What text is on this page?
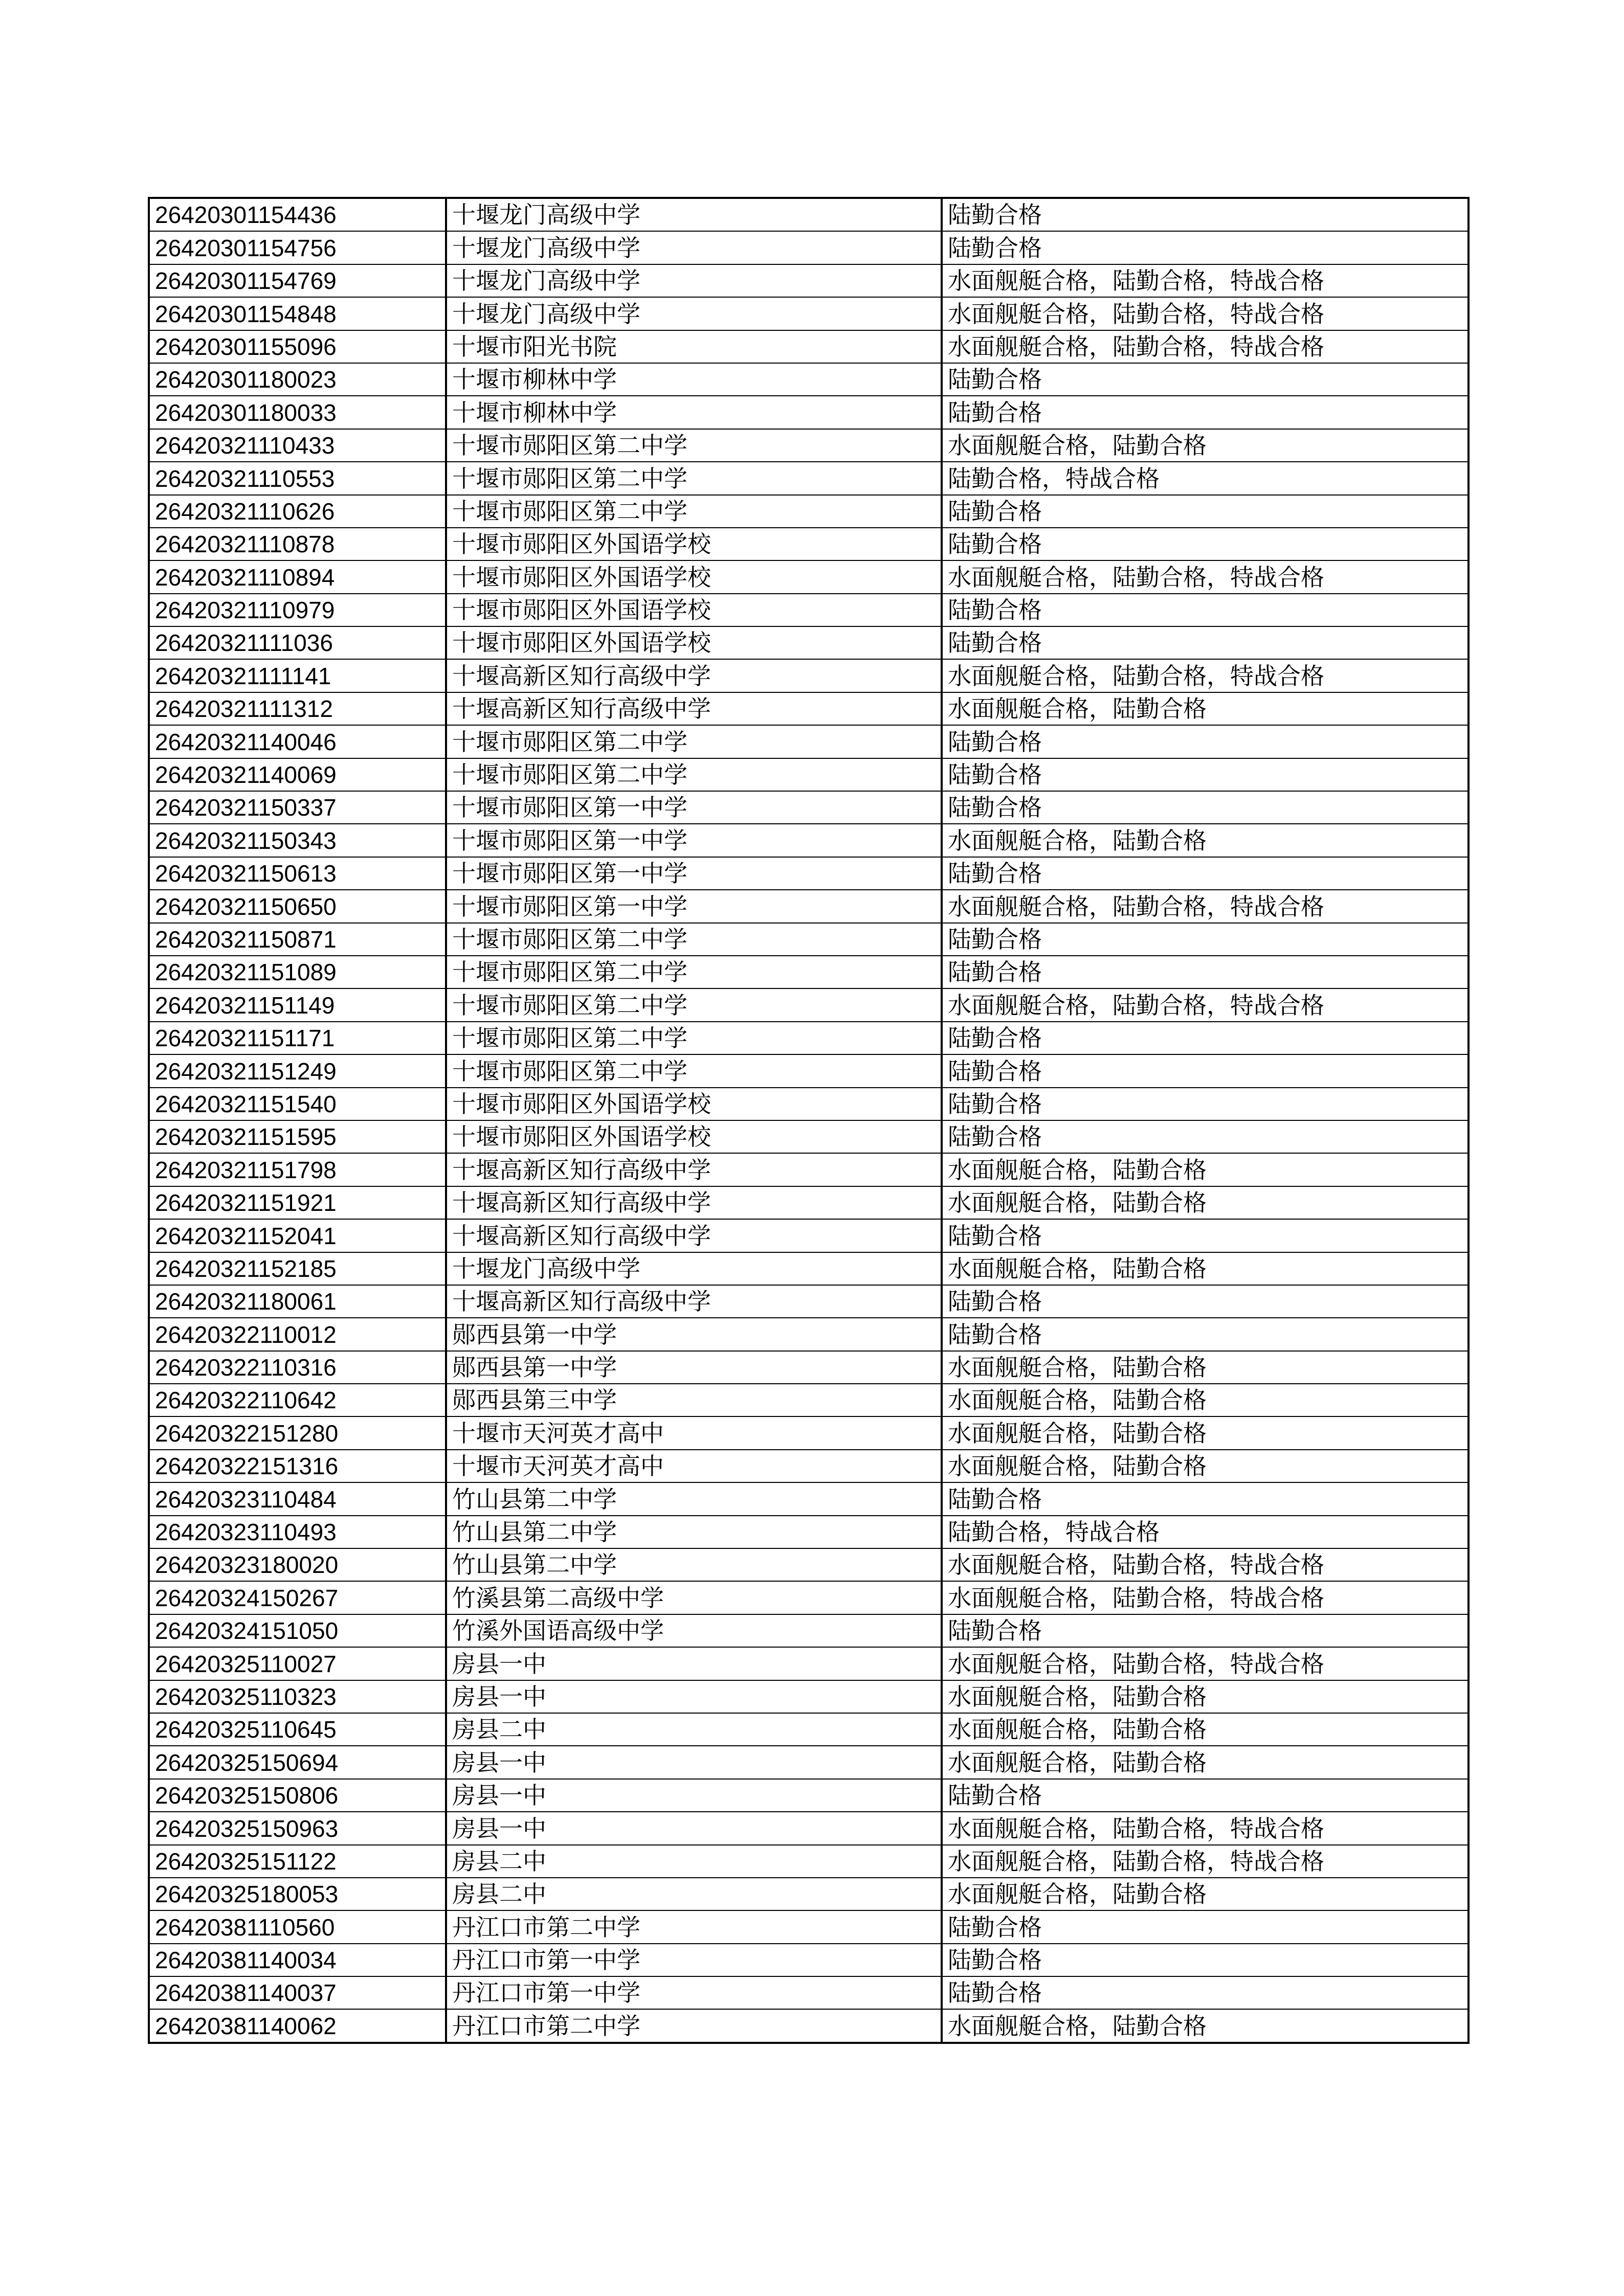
26420301154436	十堰龙门高级中学	陆勤合格
26420301154756	十堰龙门高级中学	陆勤合格
26420301154769	十堰龙门高级中学	水面舰艇合格，陆勤合格，特战合格
26420301154848	十堰龙门高级中学	水面舰艇合格，陆勤合格，特战合格
26420301155096	十堰市阳光书院	水面舰艇合格，陆勤合格，特战合格
26420301180023	十堰市柳林中学	陆勤合格
26420301180033	十堰市柳林中学	陆勤合格
26420321110433	十堰市郧阳区第二中学	水面舰艇合格，陆勤合格
26420321110553	十堰市郧阳区第二中学	陆勤合格，特战合格
26420321110626	十堰市郧阳区第二中学	陆勤合格
26420321110878	十堰市郧阳区外国语学校	陆勤合格
26420321110894	十堰市郧阳区外国语学校	水面舰艇合格，陆勤合格，特战合格
26420321110979	十堰市郧阳区外国语学校	陆勤合格
26420321111036	十堰市郧阳区外国语学校	陆勤合格
26420321111141	十堰高新区知行高级中学	水面舰艇合格，陆勤合格，特战合格
26420321111312	十堰高新区知行高级中学	水面舰艇合格，陆勤合格
26420321140046	十堰市郧阳区第二中学	陆勤合格
26420321140069	十堰市郧阳区第二中学	陆勤合格
26420321150337	十堰市郧阳区第一中学	陆勤合格
26420321150343	十堰市郧阳区第一中学	水面舰艇合格，陆勤合格
26420321150613	十堰市郧阳区第一中学	陆勤合格
26420321150650	十堰市郧阳区第一中学	水面舰艇合格，陆勤合格，特战合格
26420321150871	十堰市郧阳区第二中学	陆勤合格
26420321151089	十堰市郧阳区第二中学	陆勤合格
26420321151149	十堰市郧阳区第二中学	水面舰艇合格，陆勤合格，特战合格
26420321151171	十堰市郧阳区第二中学	陆勤合格
26420321151249	十堰市郧阳区第二中学	陆勤合格
26420321151540	十堰市郧阳区外国语学校	陆勤合格
26420321151595	十堰市郧阳区外国语学校	陆勤合格
26420321151798	十堰高新区知行高级中学	水面舰艇合格，陆勤合格
26420321151921	十堰高新区知行高级中学	水面舰艇合格，陆勤合格
26420321152041	十堰高新区知行高级中学	陆勤合格
26420321152185	十堰龙门高级中学	水面舰艇合格，陆勤合格
26420321180061	十堰高新区知行高级中学	陆勤合格
26420322110012	郧西县第一中学	陆勤合格
26420322110316	郧西县第一中学	水面舰艇合格，陆勤合格
26420322110642	郧西县第三中学	水面舰艇合格，陆勤合格
26420322151280	十堰市天河英才高中	水面舰艇合格，陆勤合格
26420322151316	十堰市天河英才高中	水面舰艇合格，陆勤合格
26420323110484	竹山县第二中学	陆勤合格
26420323110493	竹山县第二中学	陆勤合格，特战合格
26420323180020	竹山县第二中学	水面舰艇合格，陆勤合格，特战合格
26420324150267	竹溪县第二高级中学	水面舰艇合格，陆勤合格，特战合格
26420324151050	竹溪外国语高级中学	陆勤合格
26420325110027	房县一中	水面舰艇合格，陆勤合格，特战合格
26420325110323	房县一中	水面舰艇合格，陆勤合格
26420325110645	房县二中	水面舰艇合格，陆勤合格
26420325150694	房县一中	水面舰艇合格，陆勤合格
26420325150806	房县一中	陆勤合格
26420325150963	房县一中	水面舰艇合格，陆勤合格，特战合格
26420325151122	房县二中	水面舰艇合格，陆勤合格，特战合格
26420325180053	房县二中	水面舰艇合格，陆勤合格
26420381110560	丹江口市第二中学	陆勤合格
26420381140034	丹江口市第一中学	陆勤合格
26420381140037	丹江口市第一中学	陆勤合格
26420381140062	丹江口市第二中学	水面舰艇合格，陆勤合格
